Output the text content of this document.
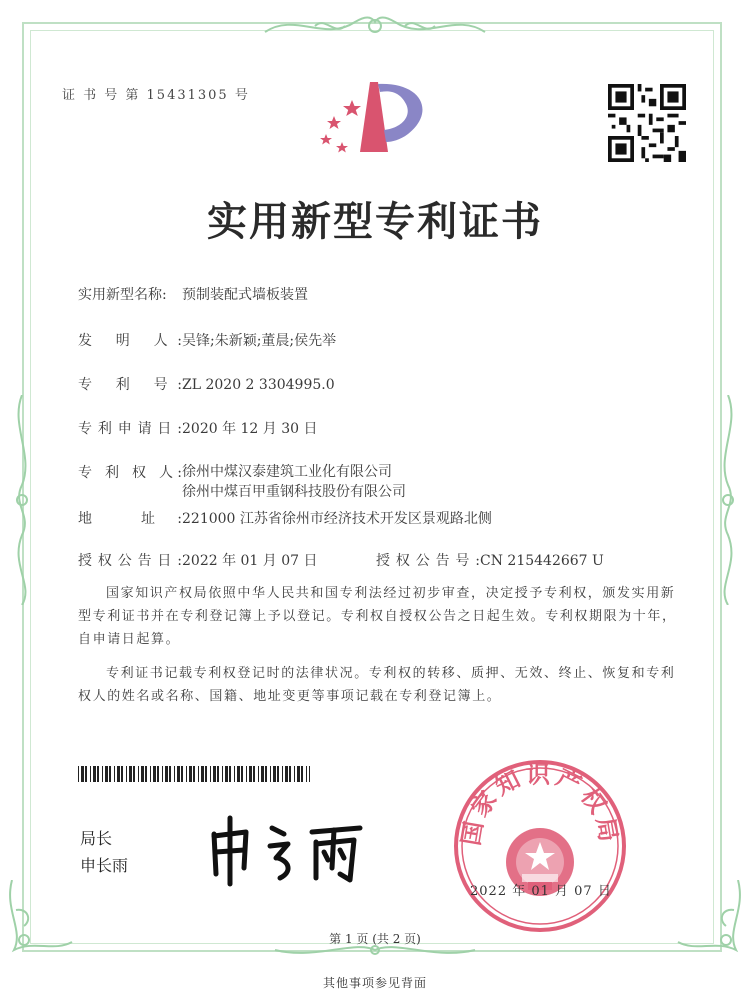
证 书 号 第 15431305 号
实用新型专利证书
实用新型名称: 预制装配式墙板装置
发 明 人:吴锋;朱新颖;董晨;侯先举
专 利 号:ZL 2020 2 3304995.0
专利申请日:2020 年 12 月 30 日
专 利 权 人: 徐州中煤汉泰建筑工业化有限公司
徐州中煤百甲重钢科技股份有限公司
地 址:221000 江苏省徐州市经济技术开发区景观路北侧
授权公告日:2022 年 01 月 07 日	授权公告号:CN 215442667 U

国家知识产权局依照中华人民共和国专利法经过初步审查，决定授予专利权，颁发实用新型专利证书并在专利登记簿上予以登记。专利权自授权公告之日起生效。专利权期限为十年，自申请日起算。

专利证书记载专利权登记时的法律状况。专利权的转移、质押、无效、终止、恢复和专利权人的姓名或名称、国籍、地址变更等事项记载在专利登记簿上。

局长
申长雨
国家知识产权局
2022 年 01 月 07 日
第 1 页 (共 2 页)
其他事项参见背面
